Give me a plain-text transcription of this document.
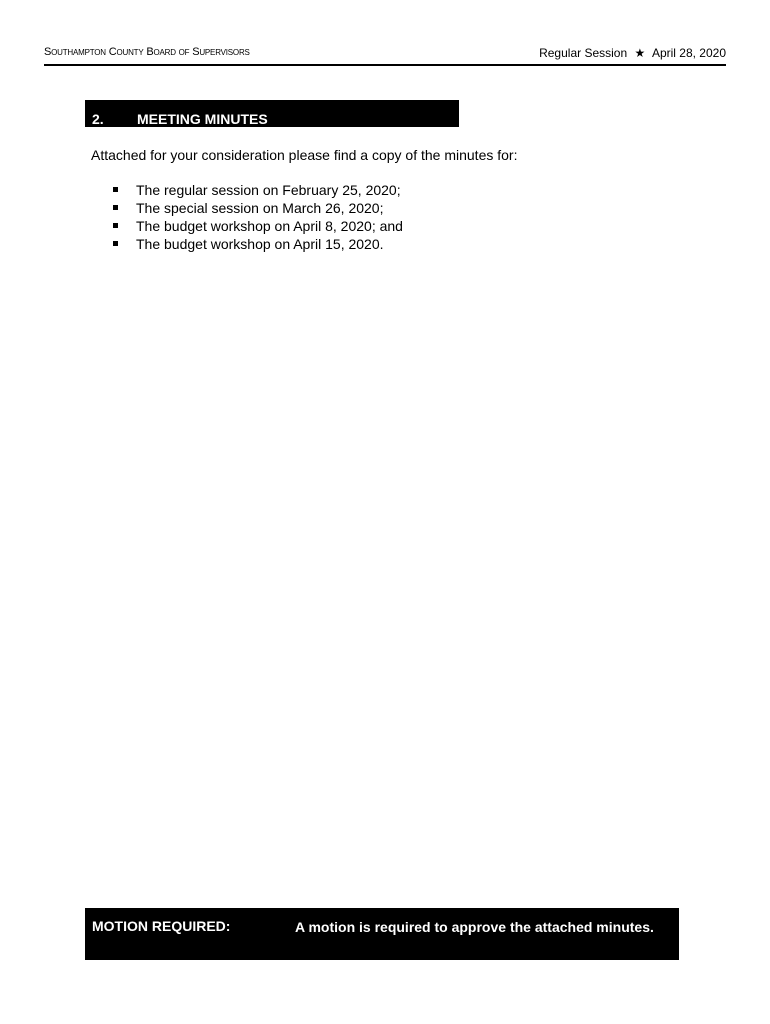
Southampton County Board of Supervisors	Regular Session ★ April 28, 2020
2. MEETING MINUTES
Attached for your consideration please find a copy of the minutes for:
The regular session on February 25, 2020;
The special session on March 26, 2020;
The budget workshop on April 8, 2020; and
The budget workshop on April 15, 2020.
MOTION REQUIRED:	A motion is required to approve the attached minutes.
